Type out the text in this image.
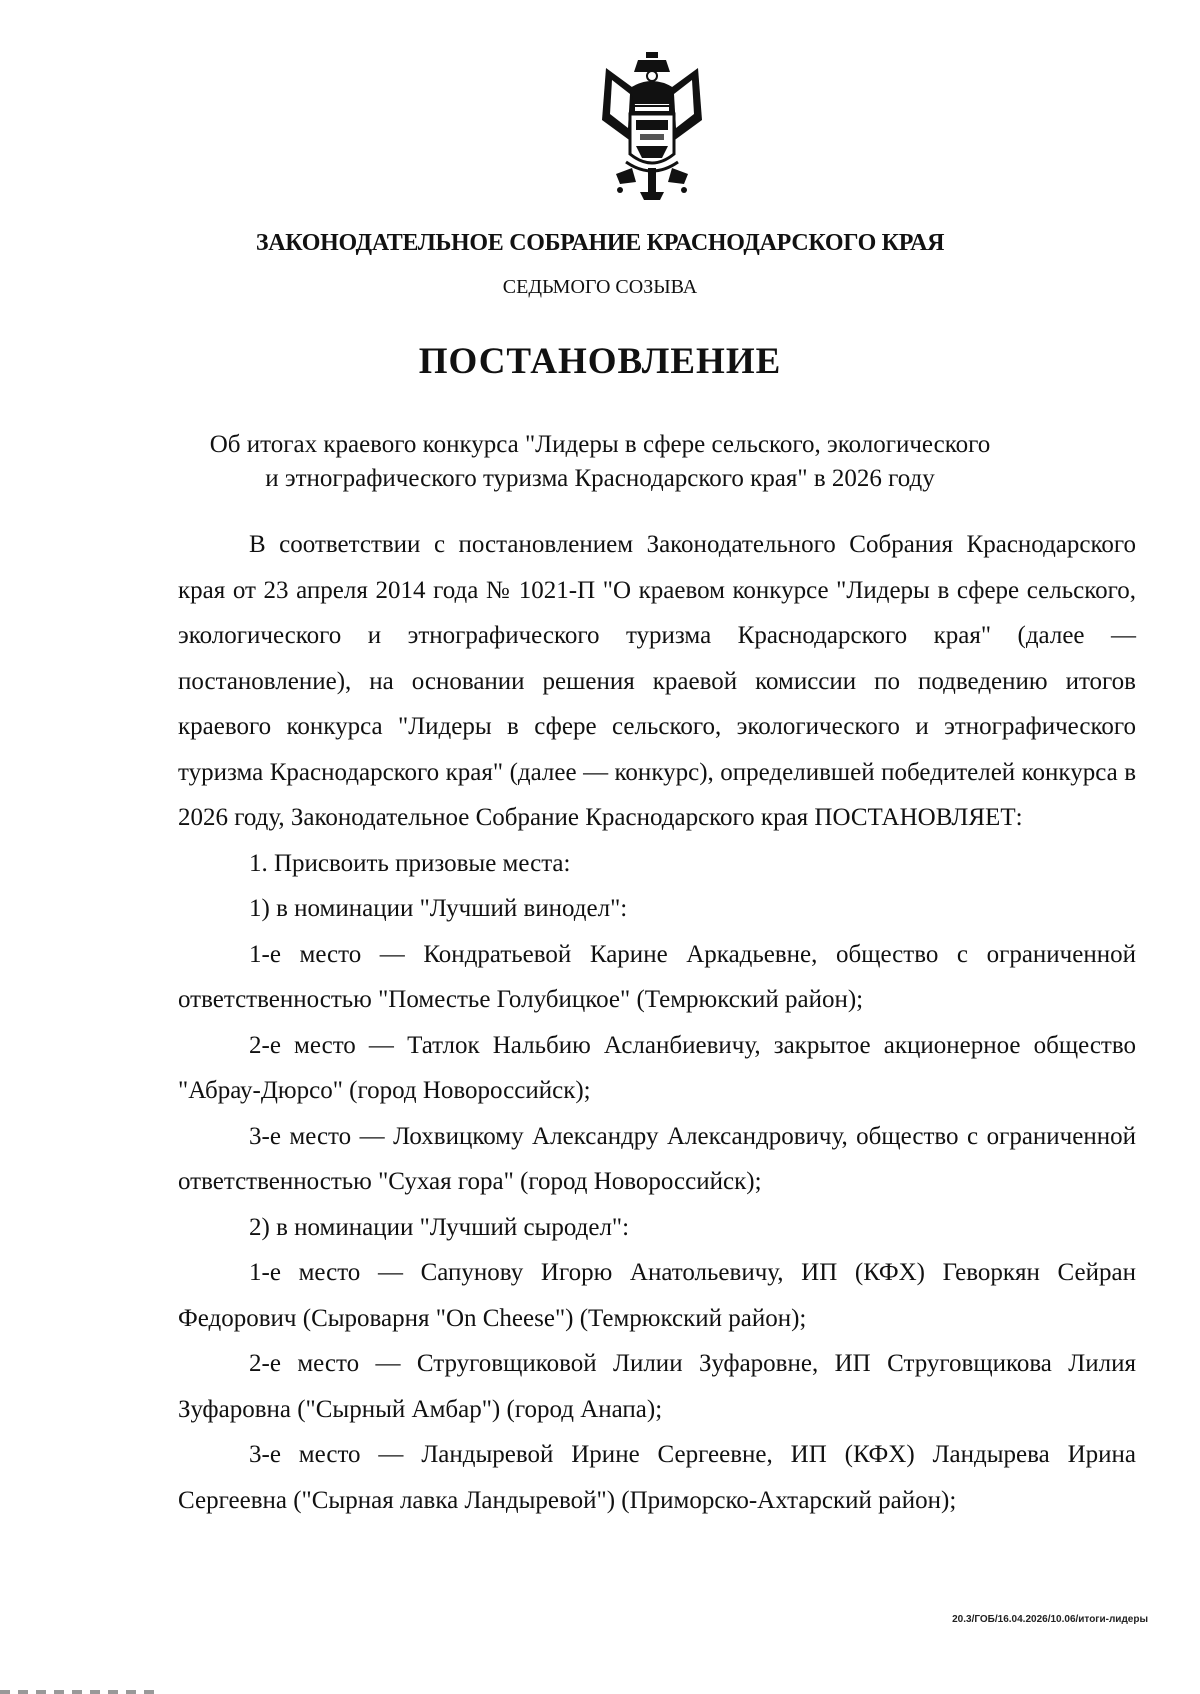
ЗАКОНОДАТЕЛЬНОЕ СОБРАНИЕ КРАСНОДАРСКОГО КРАЯ
СЕДЬМОГО СОЗЫВА
ПОСТАНОВЛЕНИЕ
Об итогах краевого конкурса "Лидеры в сфере сельского, экологического
и этнографического туризма Краснодарского края" в 2026 году

В соответствии с постановлением Законодательного Собрания Краснодарского края от 23 апреля 2014 года № 1021-П "О краевом конкурсе "Лидеры в сфере сельского, экологического и этнографического туризма Краснодарского края" (далее — постановление), на основании решения краевой комиссии по подведению итогов краевого конкурса "Лидеры в сфере сельского, экологического и этнографического туризма Краснодарского края" (далее — конкурс), определившей победителей конкурса в 2026 году, Законодательное Собрание Краснодарского края ПОСТАНОВЛЯЕТ:

1. Присвоить призовые места:

1) в номинации "Лучший винодел":

1-е место — Кондратьевой Карине Аркадьевне, общество с ограниченной ответственностью "Поместье Голубицкое" (Темрюкский район);

2-е место — Татлок Нальбию Асланбиевичу, закрытое акционерное общество "Абрау-Дюрсо" (город Новороссийск);

3-е место — Лохвицкому Александру Александровичу, общество с ограниченной ответственностью "Сухая гора" (город Новороссийск);

2) в номинации "Лучший сыродел":

1-е место — Сапунову Игорю Анатольевичу, ИП (КФХ) Геворкян Сейран Федорович (Сыроварня "On Cheese") (Темрюкский район);

2-е место — Струговщиковой Лилии Зуфаровне, ИП Струговщикова Лилия Зуфаровна ("Сырный Амбар") (город Анапа);

3-е место — Ландыревой Ирине Сергеевне, ИП (КФХ) Ландырева Ирина Сергеевна ("Сырная лавка Ландыревой") (Приморско-Ахтарский район);

20.3/ГОБ/16.04.2026/10.06/итоги-лидеры
